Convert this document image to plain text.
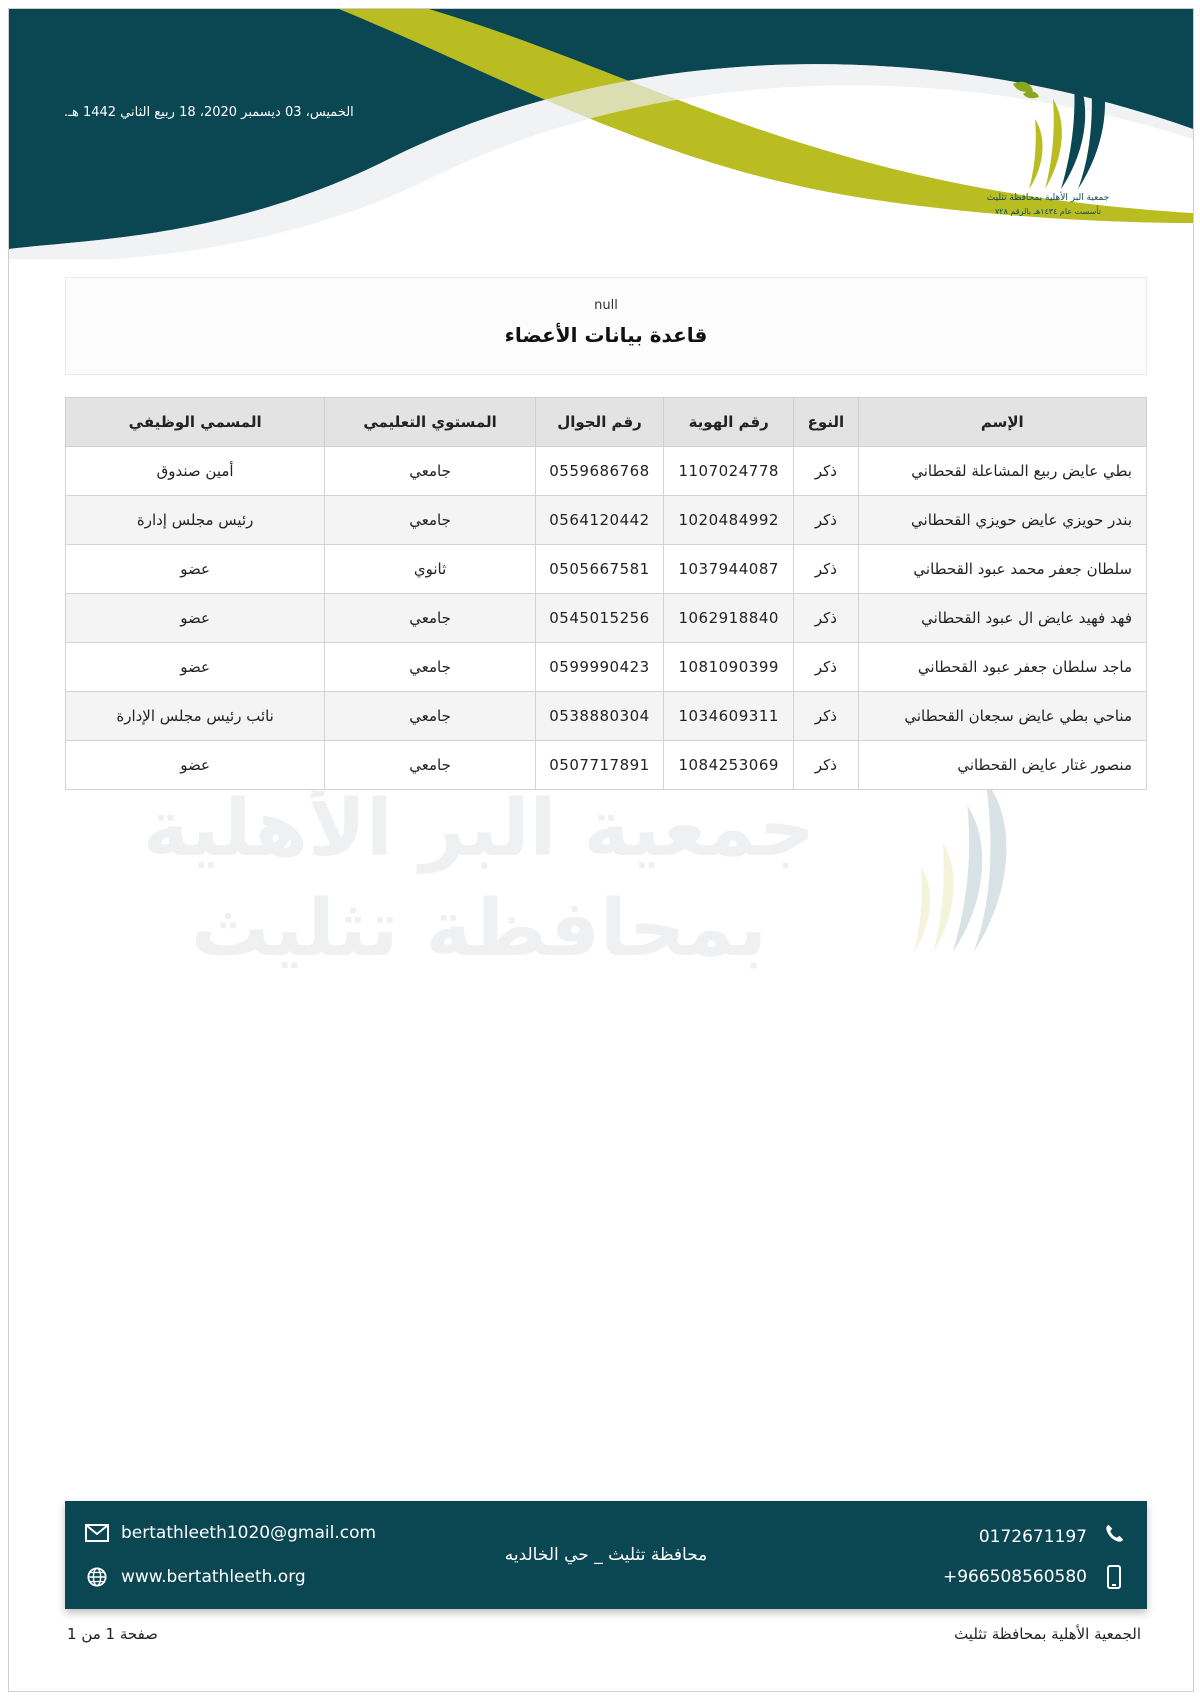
الخميس، 03 ديسمبر 2020، 18 ربيع الثاني 1442 هـ.
جمعية البر الأهلية بمحافظة تثليث
تأسست عام ١٤٣٤هـ بالرقم ٧٢٨
null
قاعدة بيانات الأعضاء
جمعية البر الأهلية
بمحافظة تثليث
الإسم	النوع	رقم الهوية	رقم الجوال	المستوي التعليمي	المسمي الوظيفي
بطي عايض ربيع المشاعلة لقحطاني	ذكر	1107024778	0559686768	جامعي	أمين صندوق
بندر حويزي عايض حويزي القحطاني	ذكر	1020484992	0564120442	جامعي	رئيس مجلس إدارة
سلطان جعفر محمد عبود القحطاني	ذكر	1037944087	0505667581	ثانوي	عضو
فهد فهيد عايض ال عبود القحطاني	ذكر	1062918840	0545015256	جامعي	عضو
ماجد سلطان جعفر عبود القحطاني	ذكر	1081090399	0599990423	جامعي	عضو
مناحي بطي عايض سجعان القحطاني	ذكر	1034609311	0538880304	جامعي	نائب رئيس مجلس الإدارة
منصور غتار عايض القحطاني	ذكر	1084253069	0507717891	جامعي	عضو
bertathleeth1020@gmail.com
www.bertathleeth.org
محافظة تثليث _ حي الخالديه
0172671197
+966508560580
صفحة 1 من 1	الجمعية الأهلية بمحافظة تثليث
